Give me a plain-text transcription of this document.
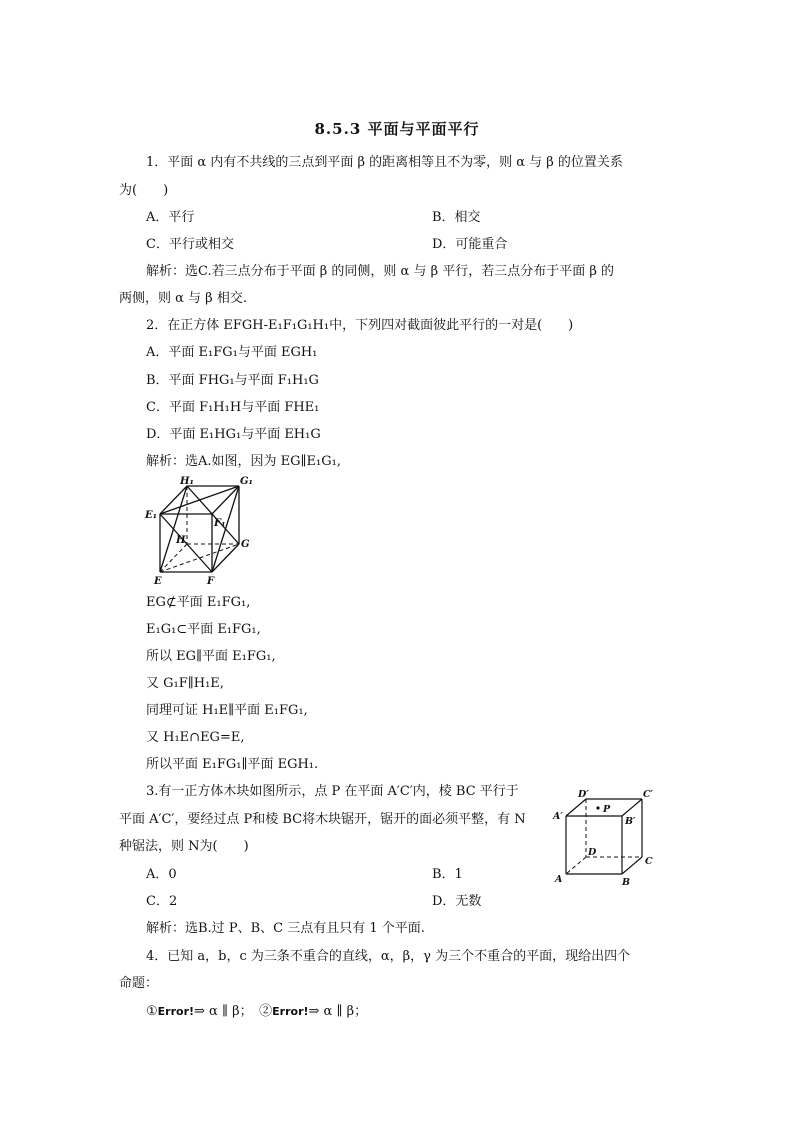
8.5.3 平面与平面平行
1．平面 α 内有不共线的三点到平面 β 的距离相等且不为零，则 α 与 β 的位置关系
为(　　)
A．平行	B．相交
C．平行或相交	D．可能重合
解析：选C.若三点分布于平面 β 的同侧，则 α 与 β 平行，若三点分布于平面 β 的
两侧，则 α 与 β 相交.
2．在正方体 EFGH-E₁F₁G₁H₁中，下列四对截面彼此平行的一对是(　　)
A．平面 E₁FG₁与平面 EGH₁
B．平面 FHG₁与平面 F₁H₁G
C．平面 F₁H₁H与平面 FHE₁
D．平面 E₁HG₁与平面 EH₁G
解析：选A.如图，因为 EG∥E₁G₁,
H₁	G₁
E₁
F₁
H	G
E	F
EG⊄平面 E₁FG₁,
E₁G₁⊂平面 E₁FG₁,
所以 EG∥平面 E₁FG₁,
又 G₁F∥H₁E,
同理可证 H₁E∥平面 E₁FG₁,
又 H₁E∩EG=E,
所以平面 E₁FG₁∥平面 EGH₁.
3.有一正方体木块如图所示，点 P 在平面 A′C′内，棱 BC 平行于
平面 A′C′，要经过点 P和棱 BC将木块锯开，锯开的面必须平整，有 N
种锯法，则 N为(　　)
A．0	B．1
C．2	D．无数
解析：选B.过 P、B、C 三点有且只有 1 个平面.
D′	C′
P
A′	B′
D
C
A	B
4．已知 a，b，c 为三条不重合的直线，α，β，γ 为三个不重合的平面，现给出四个
命题：
①Error!⇒ α ∥ β；　 ②Error!⇒ α ∥ β；
